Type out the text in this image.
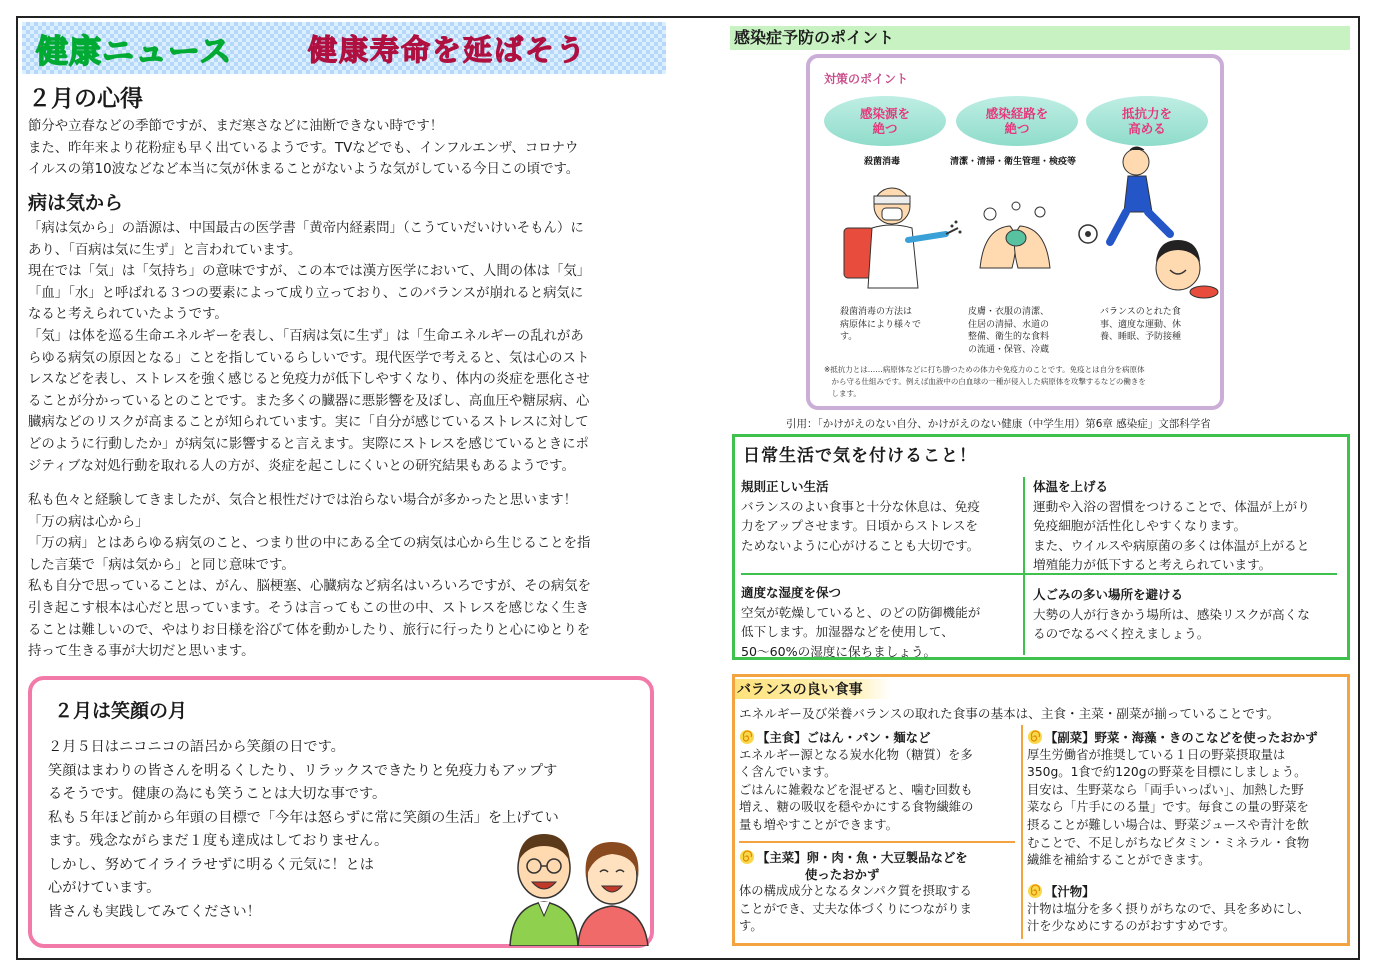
健康ニュース	健康寿命を延ばそう
２月の心得

節分や立春などの季節ですが、まだ寒さなどに油断できない時です！

また、昨年来より花粉症も早く出ているようです。TVなどでも、インフルエンザ、コロナウ

イルスの第10波などなど本当に気が休まることがないような気がしている今日この頃です。

病は気から

「病は気から」の語源は、中国最古の医学書「黄帝内経素問」（こうていだいけいそもん）に

あり、「百病は気に生ず」と言われています。

現在では「気」は「気持ち」の意味ですが、この本では漢方医学において、人間の体は「気」

「血」「水」と呼ばれる３つの要素によって成り立っており、このバランスが崩れると病気に

なると考えられていたようです。

「気」は体を巡る生命エネルギーを表し、「百病は気に生ず」は「生命エネルギーの乱れがあ

らゆる病気の原因となる」ことを指しているらしいです。現代医学で考えると、気は心のスト

レスなどを表し、ストレスを強く感じると免疫力が低下しやすくなり、体内の炎症を悪化させ

ることが分かっているとのことです。また多くの臓器に悪影響を及ぼし、高血圧や糖尿病、心

臓病などのリスクが高まることが知られています。実に「自分が感じているストレスに対して

どのように行動したか」が病気に影響すると言えます。実際にストレスを感じているときにポ

ジティブな対処行動を取れる人の方が、炎症を起こしにくいとの研究結果もあるようです。

私も色々と経験してきましたが、気合と根性だけでは治らない場合が多かったと思います！

「万の病は心から」

「万の病」とはあらゆる病気のこと、つまり世の中にある全ての病気は心から生じることを指

した言葉で「病は気から」と同じ意味です。

私も自分で思っていることは、がん、脳梗塞、心臓病など病名はいろいろですが、その病気を

引き起こす根本は心だと思っています。そうは言ってもこの世の中、ストレスを感じなく生き

ることは難しいので、やはりお日様を浴びて体を動かしたり、旅行に行ったりと心にゆとりを

持って生きる事が大切だと思います。

２月は笑顔の月

２月５日はニコニコの語呂から笑顔の日です。

笑顔はまわりの皆さんを明るくしたり、リラックスできたりと免疫力もアップす

るそうです。健康の為にも笑うことは大切な事です。

私も５年ほど前から年頭の目標で「今年は怒らずに常に笑顔の生活」を上げてい

ます。残念ながらまだ１度も達成はしておりません。

しかし、努めてイライラせずに明るく元気に！とは

心がけています。

皆さんも実践してみてください！

感染症予防のポイント
対策のポイント
感染源を
絶つ
感染経路を
絶つ
抵抗力を
高める
殺菌消毒	清潔・清掃・衛生管理・検疫等
殺菌消毒の方法は
病原体により様々で
す。
皮膚・衣服の清潔、
住居の清掃、水道の
整備、衛生的な食料
の流通・保管、冷蔵
バランスのとれた食
事、適度な運動、休
養、睡眠、予防接種
※抵抗力とは……病原体などに打ち勝つための体力や免疫力のことです。免疫とは自分を病原体
　から守る仕組みです。例えば血液中の白血球の一種が侵入した病原体を攻撃するなどの働きを
　します。
引用：「かけがえのない自分、かけがえのない健康（中学生用）第6章 感染症」文部科学省
日常生活で気を付けること！
規則正しい生活

バランスのよい食事と十分な休息は、免疫

力をアップさせます。日頃からストレスを

ためないように心がけることも大切です。

体温を上げる

運動や入浴の習慣をつけることで、体温が上がり

免疫細胞が活性化しやすくなります。

また、ウイルスや病原菌の多くは体温が上がると

増殖能力が低下すると考えられています。

適度な湿度を保つ

空気が乾燥していると、のどの防御機能が

低下します。加湿器などを使用して、

50〜60%の湿度に保ちましょう。

人ごみの多い場所を避ける

大勢の人が行きかう場所は、感染リスクが高くな

るのでなるべく控えましょう。

バランスの良い食事
エネルギー及び栄養バランスの取れた食事の基本は、主食・主菜・副菜が揃っていることです。
【主食】ごはん・パン・麺など

エネルギー源となる炭水化物（糖質）を多

く含んでいます。

ごはんに雑穀などを混ぜると、噛む回数も

増え、糖の吸収を穏やかにする食物繊維の

量も増やすことができます。

【主菜】卵・肉・魚・大豆製品などを
使ったおかず

体の構成成分となるタンパク質を摂取する

ことができ、丈夫な体づくりにつながりま

す。

【副菜】野菜・海藻・きのこなどを使ったおかず

厚生労働省が推奨している１日の野菜摂取量は

350g。1食で約120gの野菜を目標にしましょう。

目安は、生野菜なら「両手いっぱい」、加熱した野

菜なら「片手にのる量」です。毎食この量の野菜を

摂ることが難しい場合は、野菜ジュースや青汁を飲

むことで、不足しがちなビタミン・ミネラル・食物

繊維を補給することができます。

【汁物】

汁物は塩分を多く摂りがちなので、具を多めにし、

汁を少なめにするのがおすすめです。
